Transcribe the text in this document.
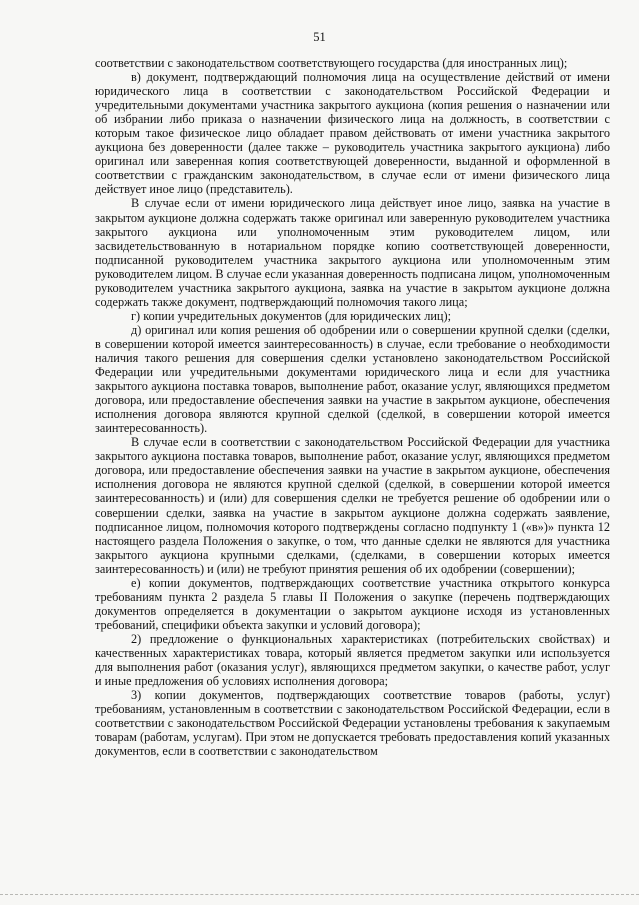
51

соответствии с законодательством соответствующего государства (для иностранных лиц);

в) документ, подтверждающий полномочия лица на осуществление действий от имени юридического лица в соответствии с законодательством Российской Федерации и учредительными документами участника закрытого аукциона (копия решения о назначении или об избрании либо приказа о назначении физического лица на должность, в соответствии с которым такое физическое лицо обладает правом действовать от имени участника закрытого аукциона без доверенности (далее также – руководитель участника закрытого аукциона) либо оригинал или заверенная копия соответствующей доверенности, выданной и оформленной в соответствии с гражданским законодательством, в случае если от имени физического лица действует иное лицо (представитель).

В случае если от имени юридического лица действует иное лицо, заявка на участие в закрытом аукционе должна содержать также оригинал или заверенную руководителем участника закрытого аукциона или уполномоченным этим руководителем лицом, или засвидетельствованную в нотариальном порядке копию соответствующей доверенности, подписанной руководителем участника закрытого аукциона или уполномоченным этим руководителем лицом. В случае если указанная доверенность подписана лицом, уполномоченным руководителем участника закрытого аукциона, заявка на участие в закрытом аукционе должна содержать также документ, подтверждающий полномочия такого лица;

г) копии учредительных документов (для юридических лиц);

д) оригинал или копия решения об одобрении или о совершении крупной сделки (сделки, в совершении которой имеется заинтересованность) в случае, если требование о необходимости наличия такого решения для совершения сделки установлено законодательством Российской Федерации или учредительными документами юридического лица и если для участника закрытого аукциона поставка товаров, выполнение работ, оказание услуг, являющихся предметом договора, или предоставление обеспечения заявки на участие в закрытом аукционе, обеспечения исполнения договора являются крупной сделкой (сделкой, в совершении которой имеется заинтересованность).

В случае если в соответствии с законодательством Российской Федерации для участника закрытого аукциона поставка товаров, выполнение работ, оказание услуг, являющихся предметом договора, или предоставление обеспечения заявки на участие в закрытом аукционе, обеспечения исполнения договора не являются крупной сделкой (сделкой, в совершении которой имеется заинтересованность) и (или) для совершения сделки не требуется решение об одобрении или о совершении сделки, заявка на участие в закрытом аукционе должна содержать заявление, подписанное лицом, полномочия которого подтверждены согласно подпункту 1 («в»)» пункта 12 настоящего раздела Положения о закупке, о том, что данные сделки не являются для участника закрытого аукциона крупными сделками, (сделками, в совершении которых имеется заинтересованность) и (или) не требуют принятия решения об их одобрении (совершении);

е) копии документов, подтверждающих соответствие участника открытого конкурса требованиям пункта 2 раздела 5 главы II Положения о закупке (перечень подтверждающих документов определяется в документации о закрытом аукционе исходя из установленных требований, специфики объекта закупки и условий договора);

2) предложение о функциональных характеристиках (потребительских свойствах) и качественных характеристиках товара, который является предметом закупки или используется для выполнения работ (оказания услуг), являющихся предметом закупки, о качестве работ, услуг и иные предложения об условиях исполнения договора;

3) копии документов, подтверждающих соответствие товаров (работы, услуг) требованиям, установленным в соответствии с законодательством Российской Федерации, если в соответствии с законодательством Российской Федерации установлены требования к закупаемым товарам (работам, услугам). При этом не допускается требовать предоставления копий указанных документов, если в соответствии с законодательством
